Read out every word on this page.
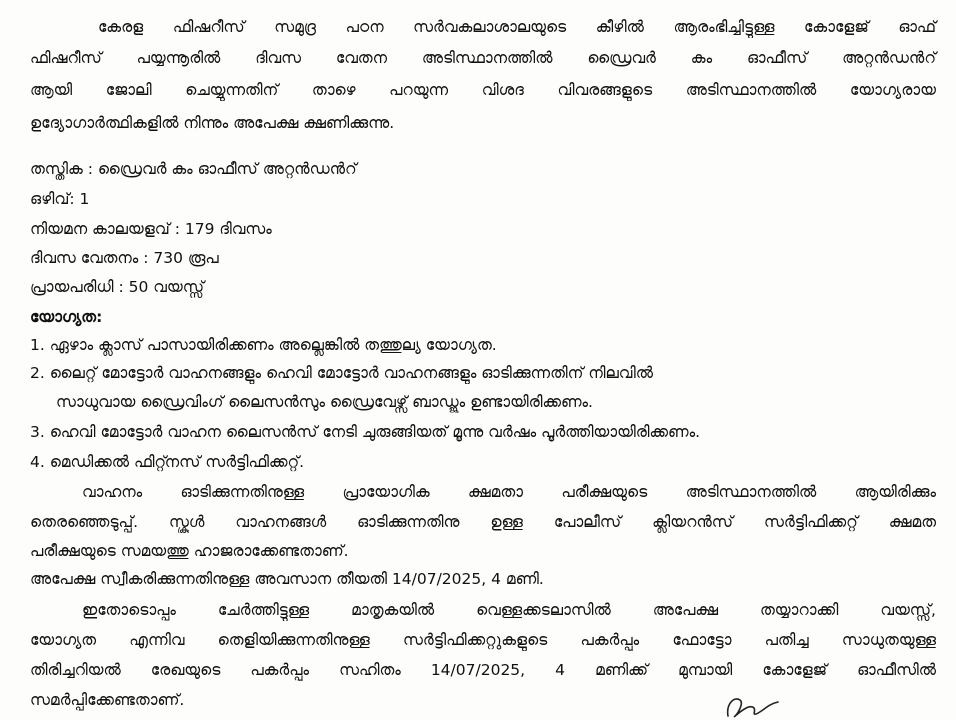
കേരള ഫിഷറീസ് സമുദ്ര പഠന സർവകലാശാലയുടെ കീഴിൽ ആരംഭിച്ചിട്ടുള്ള കോളേജ് ഓഫ്
ഫിഷറീസ് പയ്യന്നൂരിൽ ദിവസ വേതന അടിസ്ഥാനത്തിൽ ഡ്രൈവർ കം ഓഫീസ് അറ്റൻഡൻറ്
ആയി ജോലി ചെയ്യുന്നതിന് താഴെ പറയുന്ന വിശദ വിവരങ്ങളുടെ അടിസ്ഥാനത്തിൽ യോഗ്യരായ
ഉദ്യോഗാർത്ഥികളിൽ നിന്നും അപേക്ഷ ക്ഷണിക്കുന്നു.
തസ്തിക : ഡ്രൈവർ കം ഓഫീസ് അറ്റൻഡൻറ്
ഒഴിവ്: 1
നിയമന കാലയളവ് : 179 ദിവസം
ദിവസ വേതനം : 730 രൂപ
പ്രായപരിധി : 50 വയസ്സ്
യോഗ്യത:
1. ഏഴാം ക്ലാസ് പാസായിരിക്കണം അല്ലെങ്കിൽ തത്തുല്യ യോഗ്യത.
2. ലൈറ്റ് മോട്ടോർ വാഹനങ്ങളും ഹെവി മോട്ടോർ വാഹനങ്ങളും ഓടിക്കുന്നതിന് നിലവിൽ
സാധുവായ ഡ്രൈവിംഗ് ലൈസൻസും ഡ്രൈവേഴ്സ് ബാഡ്ജും ഉണ്ടായിരിക്കണം.
3. ഹെവി മോട്ടോർ വാഹന ലൈസൻസ് നേടി ചുരുങ്ങിയത് മൂന്നു വർഷം പൂർത്തിയായിരിക്കണം.
4. മെഡിക്കൽ ഫിറ്റ്നസ് സർട്ടിഫിക്കറ്റ്.
വാഹനം ഓടിക്കുന്നതിനുള്ള പ്രായോഗിക ക്ഷമതാ പരീക്ഷയുടെ അടിസ്ഥാനത്തിൽ ആയിരിക്കും
തെരഞ്ഞെടുപ്പ്. സ്കൂൾ വാഹനങ്ങൾ ഓടിക്കുന്നതിനു ഉള്ള പോലീസ് ക്ലിയറൻസ് സർട്ടിഫിക്കറ്റ് ക്ഷമത
പരീക്ഷയുടെ സമയത്തു ഹാജരാക്കേണ്ടതാണ്.
അപേക്ഷ സ്വീകരിക്കുന്നതിനുള്ള അവസാന തീയതി 14/07/2025, 4 മണി.
ഇതോടൊപ്പം ചേർത്തിട്ടുള്ള മാതൃകയിൽ വെള്ളക്കടലാസിൽ അപേക്ഷ തയ്യാറാക്കി വയസ്സ്,
യോഗ്യത എന്നിവ തെളിയിക്കുന്നതിനുള്ള സർട്ടിഫിക്കറ്റുകളുടെ പകർപ്പും ഫോട്ടോ പതിച്ച സാധുതയുള്ള
തിരിച്ചറിയൽ രേഖയുടെ പകർപ്പും സഹിതം 14/07/2025, 4 മണിക്ക് മുമ്പായി കോളേജ് ഓഫീസിൽ
സമർപ്പിക്കേണ്ടതാണ്.
